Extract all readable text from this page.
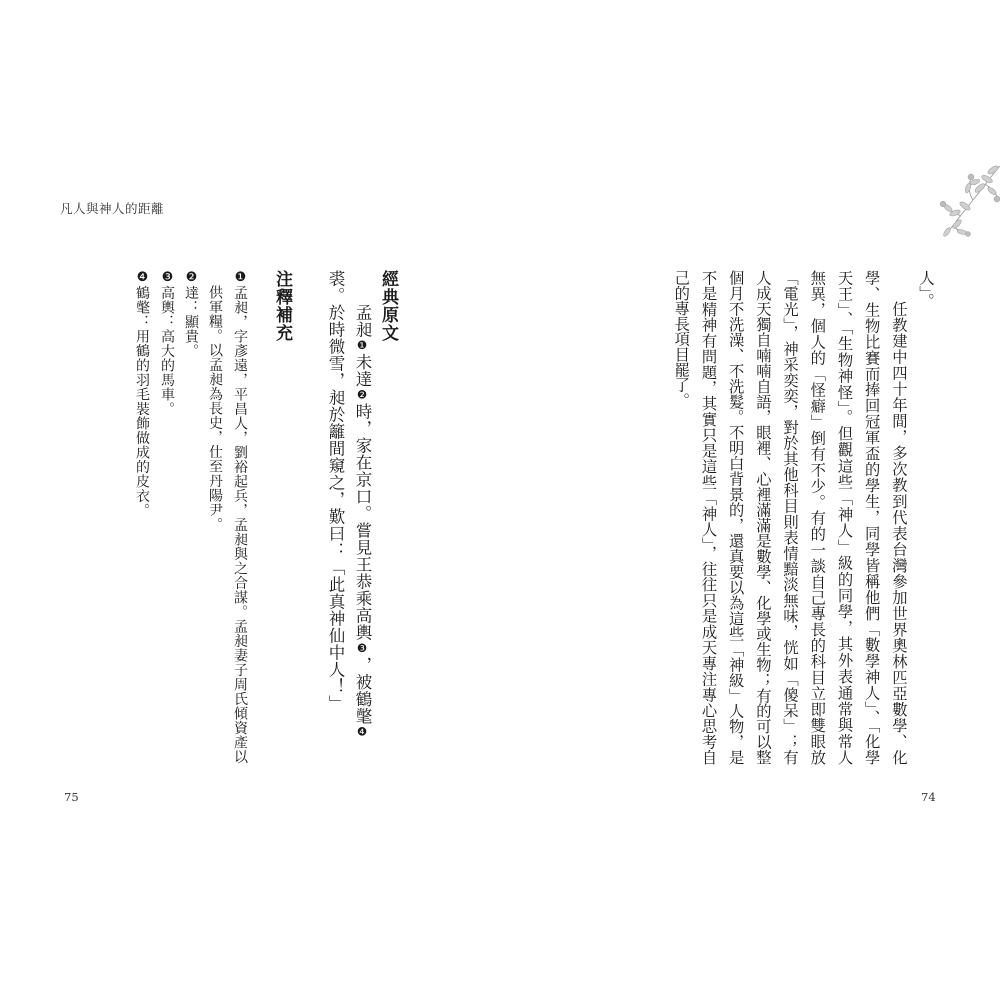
凡人與神人的距離
人」。
任教建中四十年間，多次教到代表台灣參加世界奧林匹亞數學、化
學、生物比賽而捧回冠軍盃的學生，同學皆稱他們「數學神人」、「化學
天王」、「生物神怪」。但觀這些「神人」級的同學，其外表通常與常人
無異，個人的「怪癖」倒有不少。有的一談自己專長的科目立即雙眼放
「電光」，神采奕奕，對於其他科目則表情黯淡無味，恍如「傻呆」；有
人成天獨自喃喃自語，眼裡、心裡滿滿是數學、化學或生物；有的可以整
個月不洗澡、不洗髮。不明白背景的，還真要以為這些「神級」人物，是
不是精神有問題，其實只是這些「神人」，往往只是成天專注專心思考自
己的專長項目罷了。
74
經典原文
孟昶❶未達❷時，家在京口。嘗見王恭乘高輿❸，被鶴氅❹
裘。於時微雪，昶於籬間窺之，歎曰：「此真神仙中人！」
注釋補充
❶孟昶，字彥遠，平昌人，劉裕起兵，孟昶與之合謀。孟昶妻子周氏傾資產以
供軍糧。以孟昶為長史，仕至丹陽尹。
❷達：顯貴。
❸高輿：高大的馬車。
❹鶴氅：用鶴的羽毛裝飾做成的皮衣。
75
